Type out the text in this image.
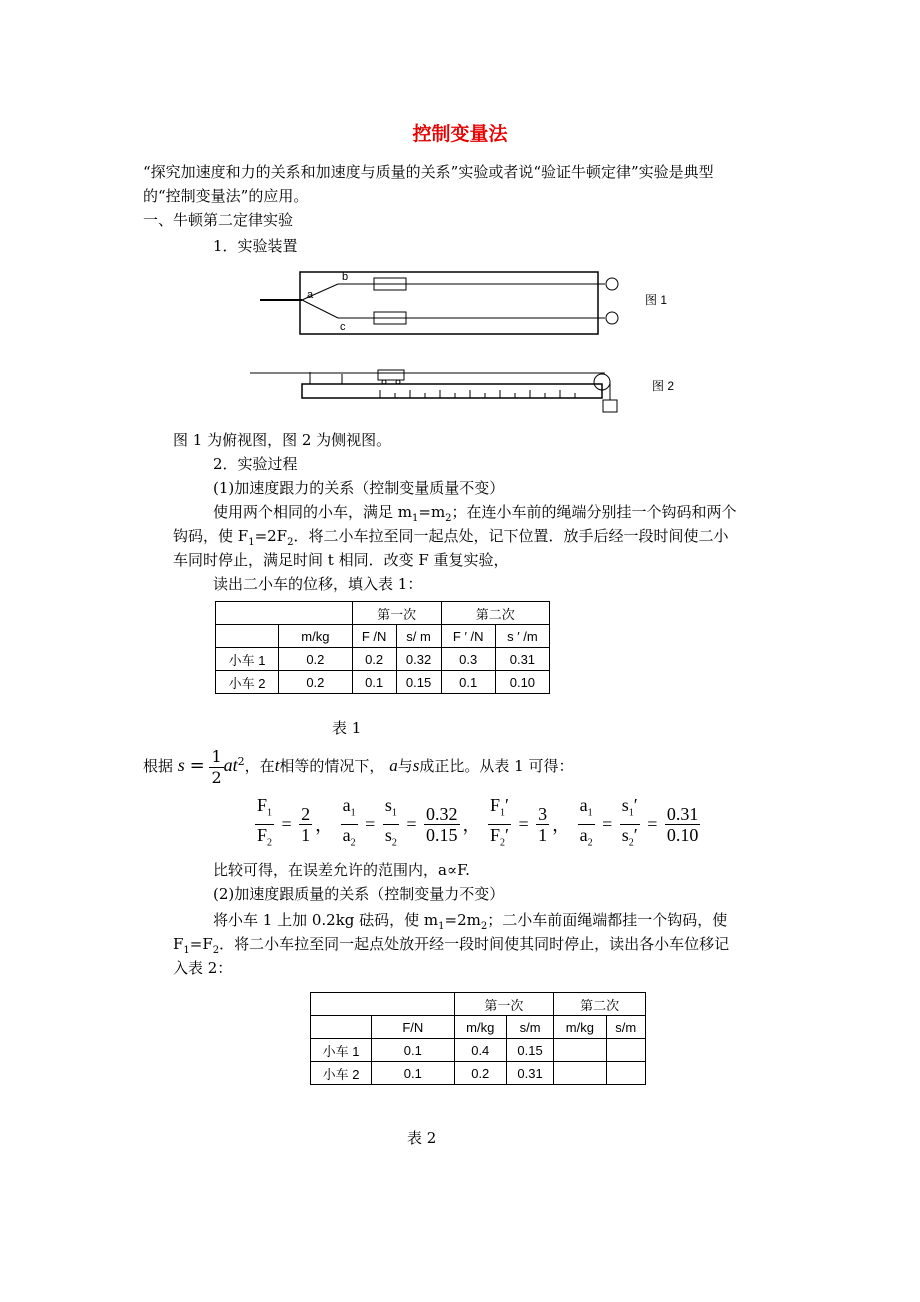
控制变量法
“探究加速度和力的关系和加速度与质量的关系”实验或者说“验证牛顿定律”实验是典型
的“控制变量法”的应用。
一、牛顿第二定律实验
1．实验装置
a
b
c
图 1
图 2
图 1 为俯视图，图 2 为侧视图。
2．实验过程
(1)加速度跟力的关系（控制变量质量不变）
使用两个相同的小车，满足 $m_1=m_2$；在连小车前的绳端分别挂一个钩码和两个
钩码，使 $F_1=2F_2$．将二小车拉至同一起点处，记下位置．放手后经一段时间使二小
车同时停止，满足时间 t 相同．改变 F 重复实验，
读出二小车的位移，填入表 1：
		第一次		第二次	
	m/kg	F /N	s/ m	F ′ /N	s ′ /m
小车 1	0.2	0.2	0.32	0.3	0.31
小车 2	0.2	0.1	0.15	0.1	0.10
表 1
根据 $s = \frac{1}{2} at^2$，在t相等的情况下， a与s成正比。从表 1 可得：
$\frac{F_1}{F_2} = \frac{2}{1}$ ， $\frac{a_1}{a_2} = \frac{s_1}{s_2} = \frac{0.32}{0.15}$ ， $\frac{F_1'}{F_2'} = \frac{3}{1}$ ， $\frac{a_1}{a_2} = \frac{s_1'}{s_2'} = \frac{0.31}{0.10}$
比较可得，在误差允许的范围内，a∝F.
(2)加速度跟质量的关系（控制变量力不变）
将小车 1 上加 0.2kg 砝码，使 $m_1=2m_2$；二小车前面绳端都挂一个钩码，使
$F_1=F_2$．将二小车拉至同一起点处放开经一段时间使其同时停止，读出各小车位移记
入表 2：
		第一次		第二次	
	F/N	m/kg	s/m	m/kg	s/m
小车 1	0.1	0.4	0.15		
小车 2	0.1	0.2	0.31		
表 2
